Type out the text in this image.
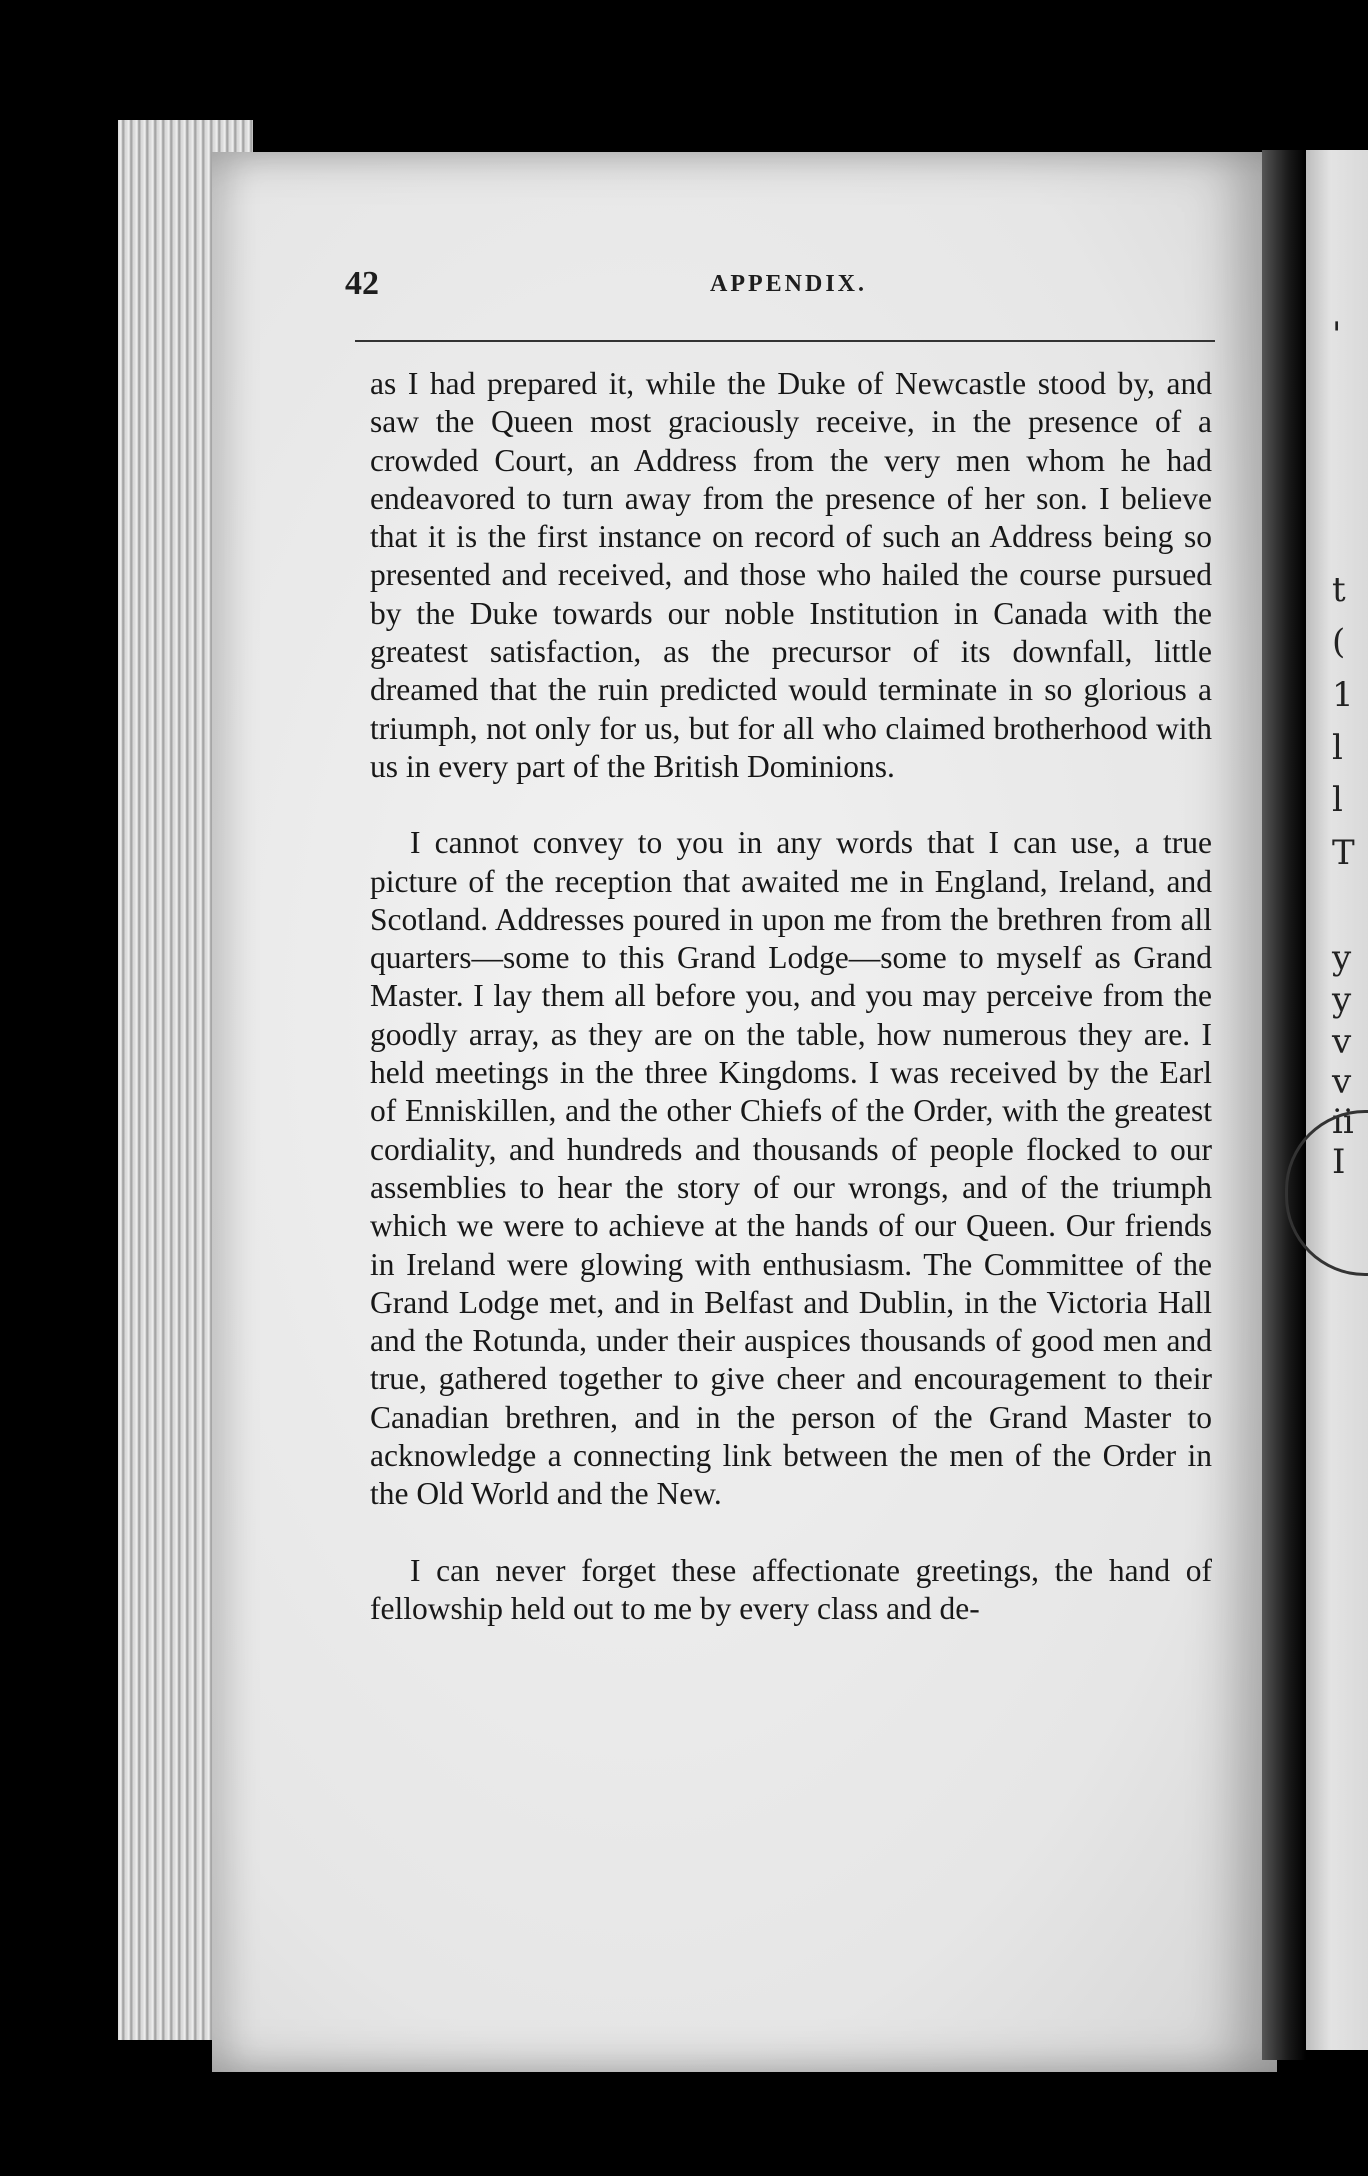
'
t
(
1
l
l
T
y
y
v
v
ii
I
42	APPENDIX.

as I had prepared it, while the Duke of Newcastle stood by, and saw the Queen most graciously receive, in the presence of a crowded Court, an Address from the very men whom he had endeavored to turn away from the presence of her son. I believe that it is the first instance on record of such an Address being so presented and received, and those who hailed the course pursued by the Duke towards our noble Institution in Canada with the greatest satisfaction, as the precursor of its downfall, little dreamed that the ruin predicted would terminate in so glorious a triumph, not only for us, but for all who claimed brotherhood with us in every part of the British Dominions.

I cannot convey to you in any words that I can use, a true picture of the reception that awaited me in England, Ireland, and Scotland. Addresses poured in upon me from the brethren from all quarters—some to this Grand Lodge—some to myself as Grand Master. I lay them all before you, and you may perceive from the goodly array, as they are on the table, how numerous they are. I held meetings in the three Kingdoms. I was received by the Earl of Enniskillen, and the other Chiefs of the Order, with the greatest cordiality, and hundreds and thousands of people flocked to our assemblies to hear the story of our wrongs, and of the triumph which we were to achieve at the hands of our Queen. Our friends in Ireland were glowing with enthusiasm. The Committee of the Grand Lodge met, and in Belfast and Dublin, in the Victoria Hall and the Rotunda, under their auspices thousands of good men and true, gathered together to give cheer and encouragement to their Canadian brethren, and in the person of the Grand Master to acknowledge a connecting link between the men of the Order in the Old World and the New.

I can never forget these affectionate greetings, the hand of fellowship held out to me by every class and de-
